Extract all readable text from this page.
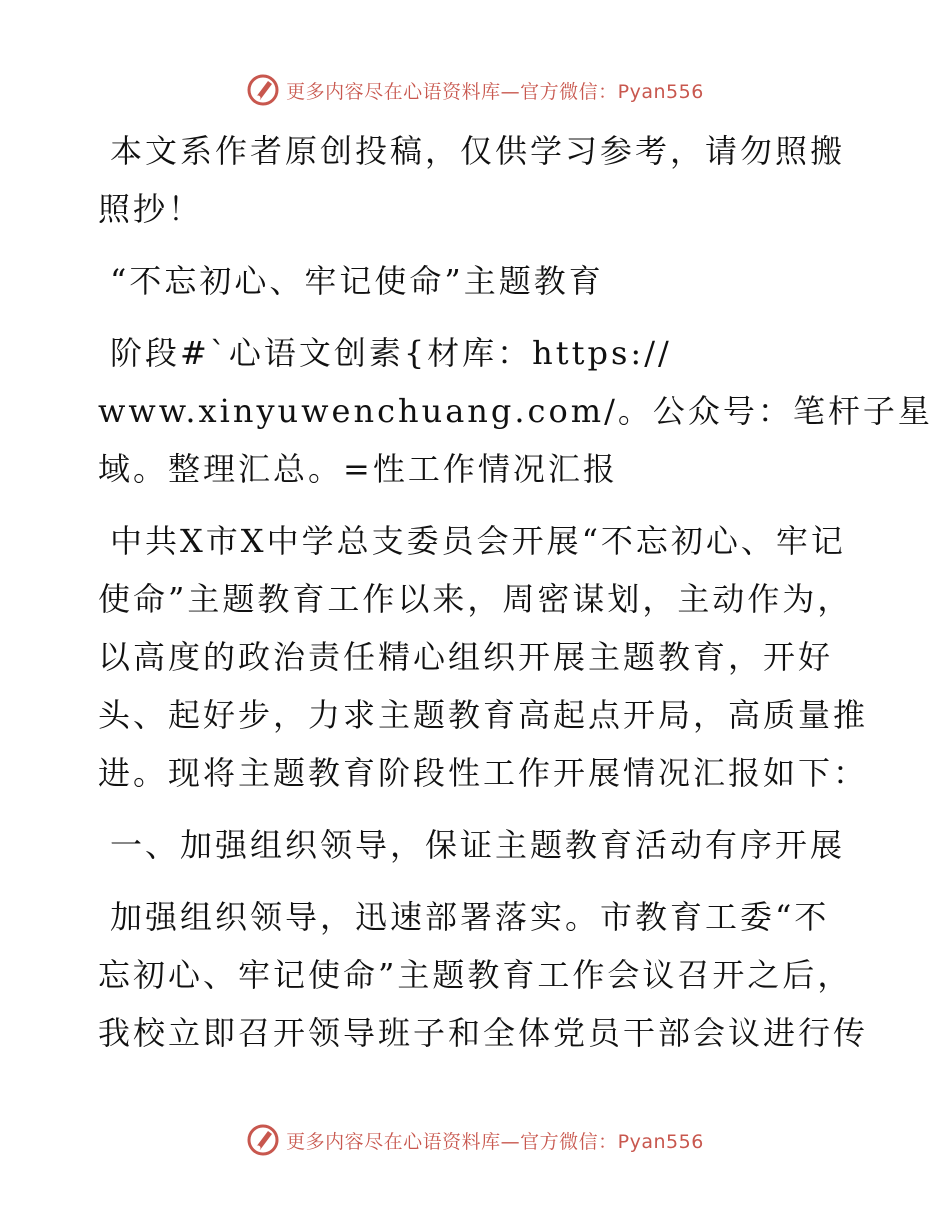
更多内容尽在心语资料库—官方微信：Pyan556

本文系作者原创投稿，仅供学习参考，请勿照搬
照抄！

“不忘初心、牢记使命”主题教育

阶段#`心语文创素{材库：https://
www.xinyuwenchuang.com/。公众号：笔杆子星
域。整理汇总。=性工作情况汇报

中共X市X中学总支委员会开展“不忘初心、牢记
使命”主题教育工作以来，周密谋划，主动作为，
以高度的政治责任精心组织开展主题教育，开好
头、起好步，力求主题教育高起点开局，高质量推
进。现将主题教育阶段性工作开展情况汇报如下：

一、加强组织领导，保证主题教育活动有序开展

加强组织领导，迅速部署落实。市教育工委“不
忘初心、牢记使命”主题教育工作会议召开之后，
我校立即召开领导班子和全体党员干部会议进行传

更多内容尽在心语资料库—官方微信：Pyan556
